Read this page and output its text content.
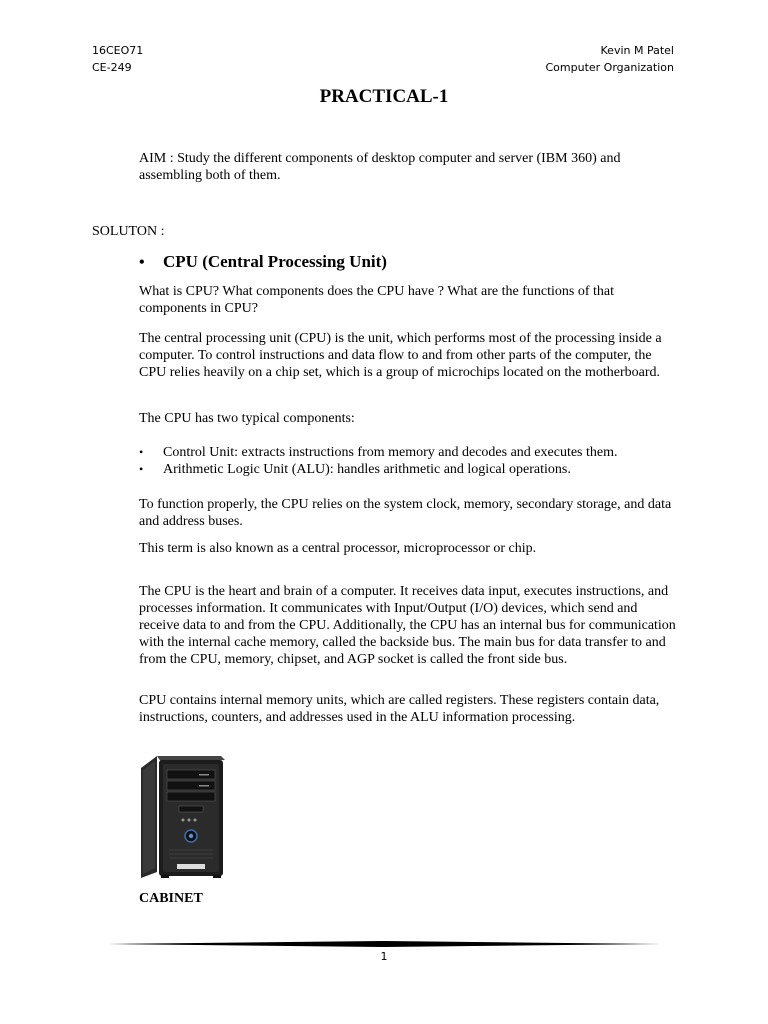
16CEO71
CE-249
Kevin M Patel
Computer Organization
PRACTICAL-1

AIM : Study the different components of desktop computer and server (IBM 360) and assembling both of them.

SOLUTON :
• CPU (Central Processing Unit)

What is CPU? What components does the CPU have ? What are the functions of that components in CPU?

The central processing unit (CPU) is the unit, which performs most of the processing inside a computer. To control instructions and data flow to and from other parts of the computer, the CPU relies heavily on a chip set, which is a group of microchips located on the motherboard.

The CPU has two typical components:

• Control Unit: extracts instructions from memory and decodes and executes them.
• Arithmetic Logic Unit (ALU): handles arithmetic and logical operations.

To function properly, the CPU relies on the system clock, memory, secondary storage, and data and address buses.

This term is also known as a central processor, microprocessor or chip.

The CPU is the heart and brain of a computer. It receives data input, executes instructions, and processes information. It communicates with Input/Output (I/O) devices, which send and receive data to and from the CPU. Additionally, the CPU has an internal bus for communication with the internal cache memory, called the backside bus. The main bus for data transfer to and from the CPU, memory, chipset, and AGP socket is called the front side bus.

CPU contains internal memory units, which are called registers. These registers contain data, instructions, counters, and addresses used in the ALU information processing.

CABINET
1
